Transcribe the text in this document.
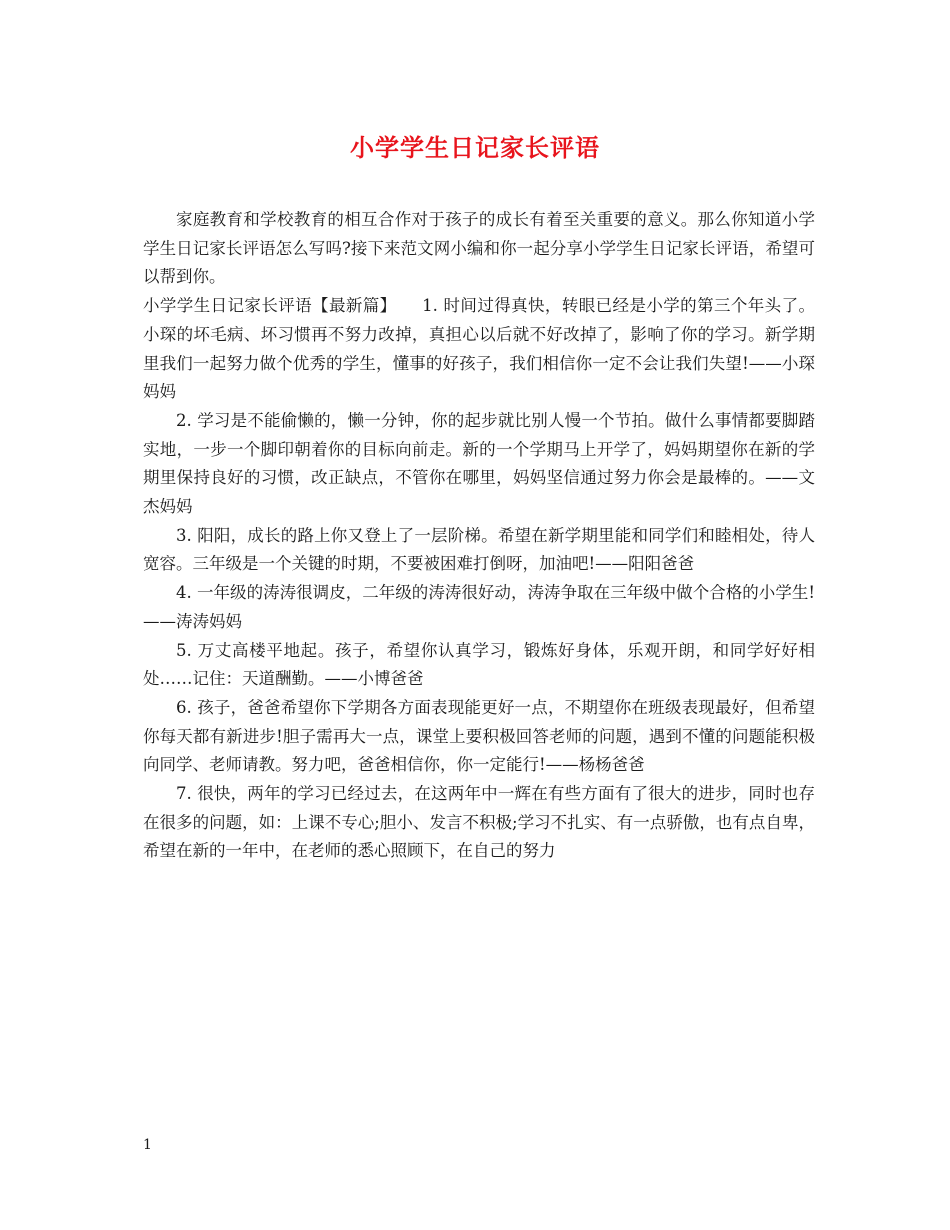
小学学生日记家长评语

家庭教育和学校教育的相互合作对于孩子的成长有着至关重要的意义。那么你知道小学学生日记家长评语怎么写吗?接下来范文网小编和你一起分享小学学生日记家长评语，希望可以帮到你。

小学学生日记家长评语【最新篇】　　1. 时间过得真快，转眼已经是小学的第三个年头了。小琛的坏毛病、坏习惯再不努力改掉，真担心以后就不好改掉了，影响了你的学习。新学期里我们一起努力做个优秀的学生，懂事的好孩子，我们相信你一定不会让我们失望!——小琛妈妈

2. 学习是不能偷懒的，懒一分钟，你的起步就比别人慢一个节拍。做什么事情都要脚踏实地，一步一个脚印朝着你的目标向前走。新的一个学期马上开学了，妈妈期望你在新的学期里保持良好的习惯，改正缺点，不管你在哪里，妈妈坚信通过努力你会是最棒的。——文杰妈妈

3. 阳阳，成长的路上你又登上了一层阶梯。希望在新学期里能和同学们和睦相处，待人宽容。三年级是一个关键的时期，不要被困难打倒呀，加油吧!——阳阳爸爸

4. 一年级的涛涛很调皮，二年级的涛涛很好动，涛涛争取在三年级中做个合格的小学生!——涛涛妈妈

5. 万丈高楼平地起。孩子，希望你认真学习，锻炼好身体，乐观开朗，和同学好好相处……记住：天道酬勤。——小博爸爸

6. 孩子，爸爸希望你下学期各方面表现能更好一点，不期望你在班级表现最好，但希望你每天都有新进步!胆子需再大一点，课堂上要积极回答老师的问题，遇到不懂的问题能积极向同学、老师请教。努力吧，爸爸相信你，你一定能行!——杨杨爸爸

7. 很快，两年的学习已经过去，在这两年中一辉在有些方面有了很大的进步，同时也存在很多的问题，如：上课不专心;胆小、发言不积极;学习不扎实、有一点骄傲，也有点自卑，希望在新的一年中，在老师的悉心照顾下，在自己的努力

1
